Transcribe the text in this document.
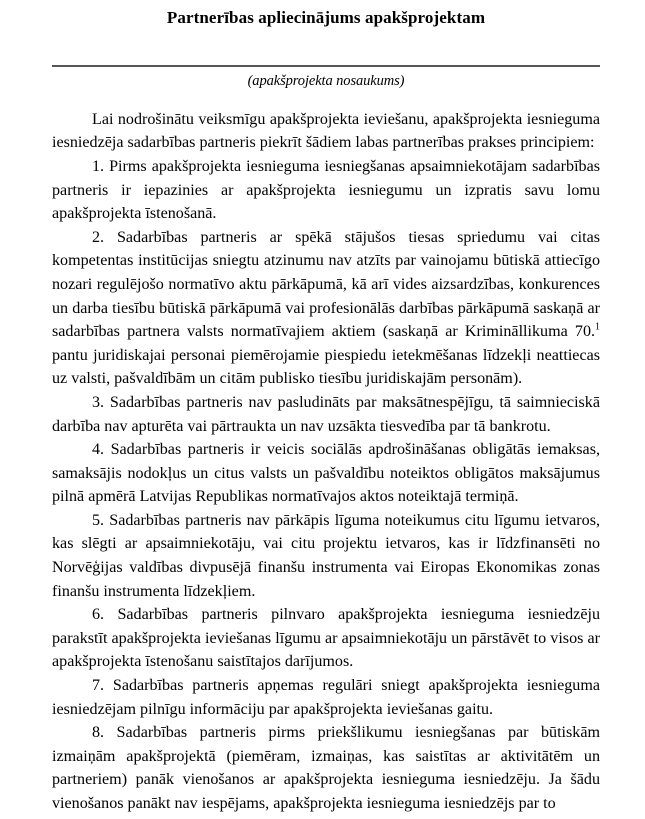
Partnerības apliecinājums apakšprojektam
(apakšprojekta nosaukums)

Lai nodrošinātu veiksmīgu apakšprojekta ieviešanu, apakšprojekta iesnieguma iesniedzēja sadarbības partneris piekrīt šādiem labas partnerības prakses principiem:

1. Pirms apakšprojekta iesnieguma iesniegšanas apsaimniekotājam sadarbības partneris ir iepazinies ar apakšprojekta iesniegumu un izpratis savu lomu apakšprojekta īstenošanā.

2. Sadarbības partneris ar spēkā stājušos tiesas spriedumu vai citas kompetentas institūcijas sniegtu atzinumu nav atzīts par vainojamu būtiskā attiecīgo nozari regulējošo normatīvo aktu pārkāpumā, kā arī vides aizsardzības, konkurences un darba tiesību būtiskā pārkāpumā vai profesionālās darbības pārkāpumā saskaņā ar sadarbības partnera valsts normatīvajiem aktiem (saskaņā ar Krimināllikuma 70.$^1$ pantu juridiskajai personai piemērojamie piespiedu ietekmēšanas līdzekļi neattiecas uz valsti, pašvaldībām un citām publisko tiesību juridiskajām personām).

3. Sadarbības partneris nav pasludināts par maksātnespējīgu, tā saimnieciskā darbība nav apturēta vai pārtraukta un nav uzsākta tiesvedība par tā bankrotu.

4. Sadarbības partneris ir veicis sociālās apdrošināšanas obligātās iemaksas, samaksājis nodokļus un citus valsts un pašvaldību noteiktos obligātos maksājumus pilnā apmērā Latvijas Republikas normatīvajos aktos noteiktajā termiņā.

5. Sadarbības partneris nav pārkāpis līguma noteikumus citu līgumu ietvaros, kas slēgti ar apsaimniekotāju, vai citu projektu ietvaros, kas ir līdzfinansēti no Norvēģijas valdības divpusējā finanšu instrumenta vai Eiropas Ekonomikas zonas finanšu instrumenta līdzekļiem.

6. Sadarbības partneris pilnvaro apakšprojekta iesnieguma iesniedzēju parakstīt apakšprojekta ieviešanas līgumu ar apsaimniekotāju un pārstāvēt to visos ar apakšprojekta īstenošanu saistītajos darījumos.

7. Sadarbības partneris apņemas regulāri sniegt apakšprojekta iesnieguma iesniedzējam pilnīgu informāciju par apakšprojekta ieviešanas gaitu.

8. Sadarbības partneris pirms priekšlikumu iesniegšanas par būtiskām izmaiņām apakšprojektā (piemēram, izmaiņas, kas saistītas ar aktivitātēm un partneriem) panāk vienošanos ar apakšprojekta iesnieguma iesniedzēju. Ja šādu vienošanos panākt nav iespējams, apakšprojekta iesnieguma iesniedzējs par to
